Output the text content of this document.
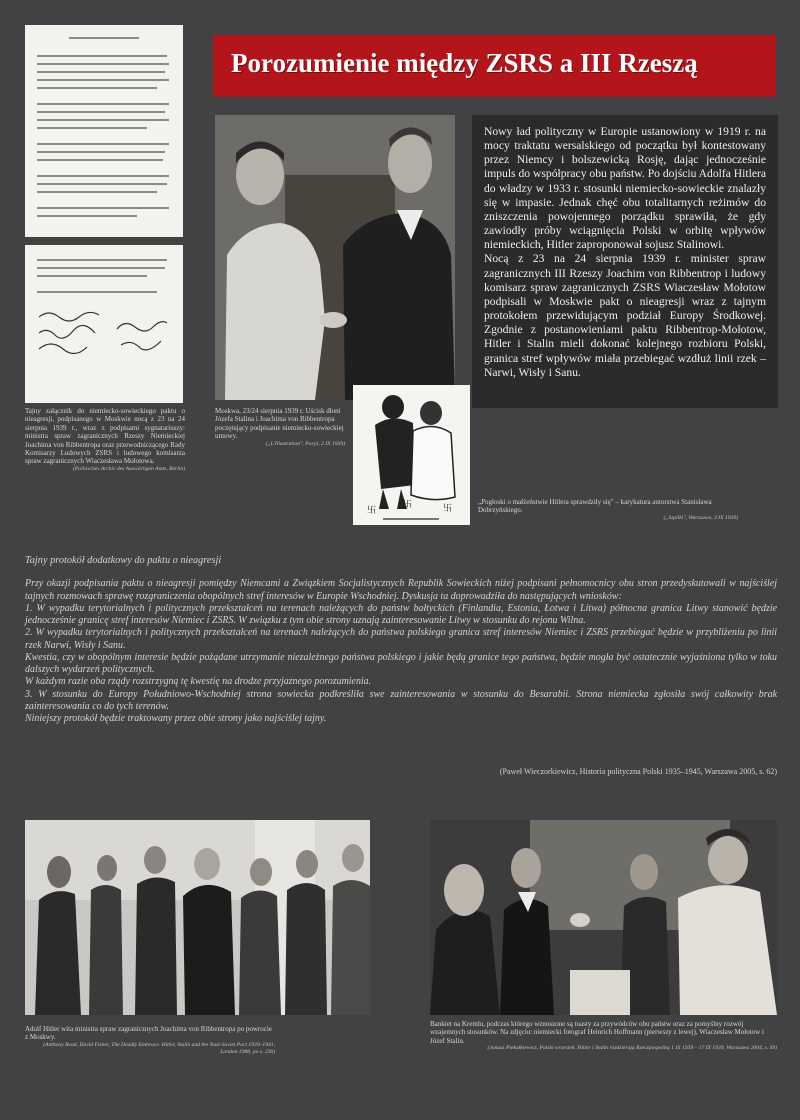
Porozumienie między ZSRS a III Rzeszą
Tajny załącznik do niemiecko-sowieckiego paktu o nieagresji, podpisanego w Moskwie nocą z 23 na 24 sierpnia 1939 r., wraz z podpisami sygnatariuszy: ministra spraw zagranicznych Rzeszy Niemieckiej Joachima von Ribbentropa oraz przewodniczącego Rady Komisarzy Ludowych ZSRS i ludowego komisarza spraw zagranicznych Wiaczesława Mołotowa.
(Politisches Archiv des Auswärtigen Amts, Berlin)
Moskwa, 23/24 sierpnia 1939 r. Uścisk dłoni Józefa Stalina i Joachima von Ribbentropa poczętujący podpisanie niemiecko-sowieckiej umowy.
(„L'Illustration", Paryż, 2 IX 1939)
卐
卐	卐
„Pogłoski o małżeństwie Hitlera sprawdziły się" – karykatura autorstwa Stanisława Dobrzyńskiego.
(„Szpilki", Warszawa, 3 IX 1939)

Nowy ład polityczny w Europie ustanowiony w 1919 r. na mocy traktatu wersalskiego od początku był kontestowany przez Niemcy i bolszewicką Rosję, dając jednocześnie impuls do współpracy obu państw. Po dojściu Adolfa Hitlera do władzy w 1933 r. stosunki niemiecko-sowieckie znalazły się w impasie. Jednak chęć obu totalitarnych reżimów do zniszczenia powojennego porządku sprawiła, że gdy zawiodły próby wciągnięcia Polski w orbitę wpływów niemieckich, Hitler zaproponował sojusz Stalinowi.

Nocą z 23 na 24 sierpnia 1939 r. minister spraw zagranicznych III Rzeszy Joachim von Ribbentrop i ludowy komisarz spraw zagranicznych ZSRS Wiaczesław Mołotow podpisali w Moskwie pakt o nieagresji wraz z tajnym protokołem przewidującym podział Europy Środkowej. Zgodnie z postanowieniami paktu Ribbentrop-Mołotow, Hitler i Stalin mieli dokonać kolejnego rozbioru Polski, granica stref wpływów miała przebiegać wzdłuż linii rzek – Narwi, Wisły i Sanu.

Tajny protokół dodatkowy do paktu o nieagresji

Przy okazji podpisania paktu o nieagresji pomiędzy Niemcami a Związkiem Socjalistycznych Republik Sowieckich niżej podpisani pełnomocnicy obu stron przedyskutowali w najściślej tajnych rozmowach sprawę rozgraniczenia obopólnych stref interesów w Europie Wschodniej. Dyskusja ta doprowadziła do następujących wniosków:

1. W wypadku terytorialnych i politycznych przekształceń na terenach należących do państw bałtyckich (Finlandia, Estonia, Łotwa i Litwa) północna granica Litwy stanowić będzie jednocześnie granicę stref interesów Niemiec i ZSRS. W związku z tym obie strony uznają zainteresowanie Litwy w stosunku do rejonu Wilna.

2. W wypadku terytorialnych i politycznych przekształceń na terenach należących do państwa polskiego granica stref interesów Niemiec i ZSRS przebiegać będzie w przybliżeniu po linii rzek Narwi, Wisły i Sanu.

Kwestia, czy w obopólnym interesie będzie pożądane utrzymanie niezależnego państwa polskiego i jakie będą granice tego państwa, będzie mogła być ostatecznie wyjaśniona tylko w toku dalszych wydarzeń politycznych.

W każdym razie oba rządy rozstrzygną tę kwestię na drodze przyjaznego porozumienia.

3. W stosunku do Europy Południowo-Wschodniej strona sowiecka podkreśliła swe zainteresowania w stosunku do Besarabii. Strona niemiecka zgłosiła swój całkowity brak zainteresowania co do tych terenów.

Niniejszy protokół będzie traktowany przez obie strony jako najściślej tajny.

(Paweł Wieczorkiewicz, Historia polityczna Polski 1935–1945, Warszawa 2005, s. 62)
Adolf Hitler wita ministra spraw zagranicznych Joachima von Ribbentropa po powrocie z Moskwy.
(Anthony Read, David Fisher, The Deadly Embrace. Hitler, Stalin and the Nazi-Soviet Pact 1939–1941, London 1988, po s. 236)
Bankiet na Kremlu, podczas którego wznoszone są toasty za przywódców obu państw oraz za pomyślny rozwój wzajemnych stosunków. Na zdjęciu: niemiecki fotograf Heinrich Hoffmann (pierwszy z lewej), Wiaczesław Mołotow i Józef Stalin.
(Janusz Piekałkiewicz, Polski wrzesień. Hitler i Stalin rozdzierają Rzeczpospolitą 1 IX 1939 – 17 IX 1939, Warszawa 2004, s. 49)
